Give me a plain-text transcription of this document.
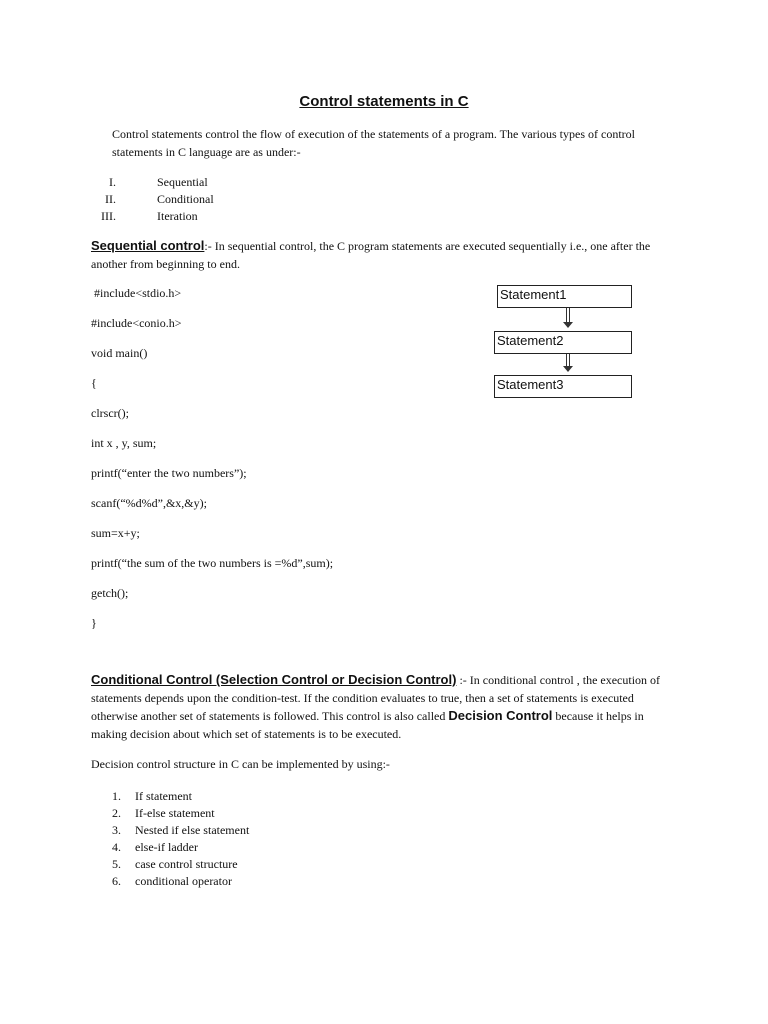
Control statements in C
Control statements control the flow of execution of the statements of a program. The various types of control statements in C language are as under:-
I.	Sequential
II.	Conditional
III.	Iteration
Sequential control:- In sequential control, the C program statements are executed sequentially i.e., one after the another from beginning to end.
#include<stdio.h>
#include<conio.h>
void main()
{
clrscr();
int x , y, sum;
printf(“enter the two numbers”);
scanf(“%d%d”,&x,&y);
sum=x+y;
printf(“the sum of the two numbers is =%d”,sum);
getch();
}
Statement1
Statement2
Statement3
Conditional Control (Selection Control or Decision Control) :- In conditional control , the execution of statements depends upon the condition-test. If the condition evaluates to true, then a set of statements is executed otherwise another set of statements is followed. This control is also called Decision Control because it helps in making decision about which set of statements is to be executed.
Decision control structure in C can be implemented by using:-
1.	If statement
2.	If-else statement
3.	Nested if else statement
4.	else-if ladder
5.	case control structure
6.	conditional operator
